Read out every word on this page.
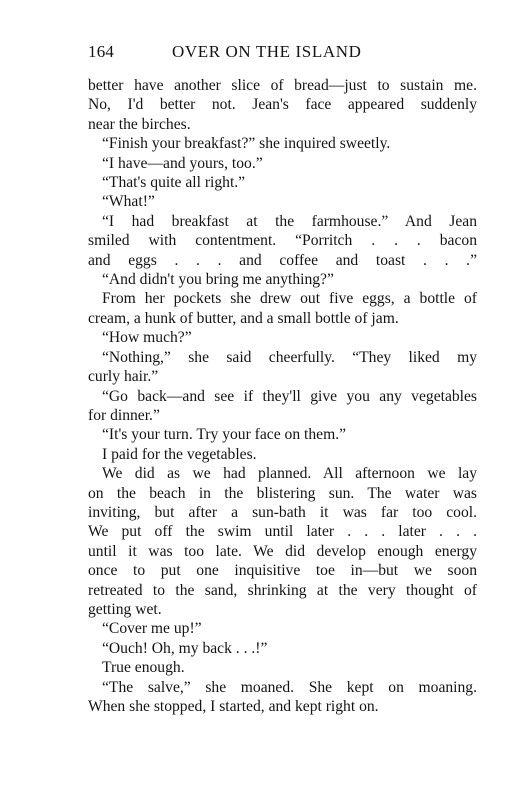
164	OVER ON THE ISLAND
better have another slice of bread—just to sustain me.
No, I'd better not. Jean's face appeared suddenly
near the birches.
“Finish your breakfast?” she inquired sweetly.
“I have—and yours, too.”
“That's quite all right.”
“What!”
“I had breakfast at the farmhouse.” And Jean
smiled with contentment. “Porritch . . . bacon
and eggs . . . and coffee and toast . . .”
“And didn't you bring me anything?”
From her pockets she drew out five eggs, a bottle of
cream, a hunk of butter, and a small bottle of jam.
“How much?”
“Nothing,” she said cheerfully. “They liked my
curly hair.”
“Go back—and see if they'll give you any vegetables
for dinner.”
“It's your turn. Try your face on them.”
I paid for the vegetables.
We did as we had planned. All afternoon we lay
on the beach in the blistering sun. The water was
inviting, but after a sun-bath it was far too cool.
We put off the swim until later . . . later . . .
until it was too late. We did develop enough energy
once to put one inquisitive toe in—but we soon
retreated to the sand, shrinking at the very thought of
getting wet.
“Cover me up!”
“Ouch! Oh, my back . . .!”
True enough.
“The salve,” she moaned. She kept on moaning.
When she stopped, I started, and kept right on.
